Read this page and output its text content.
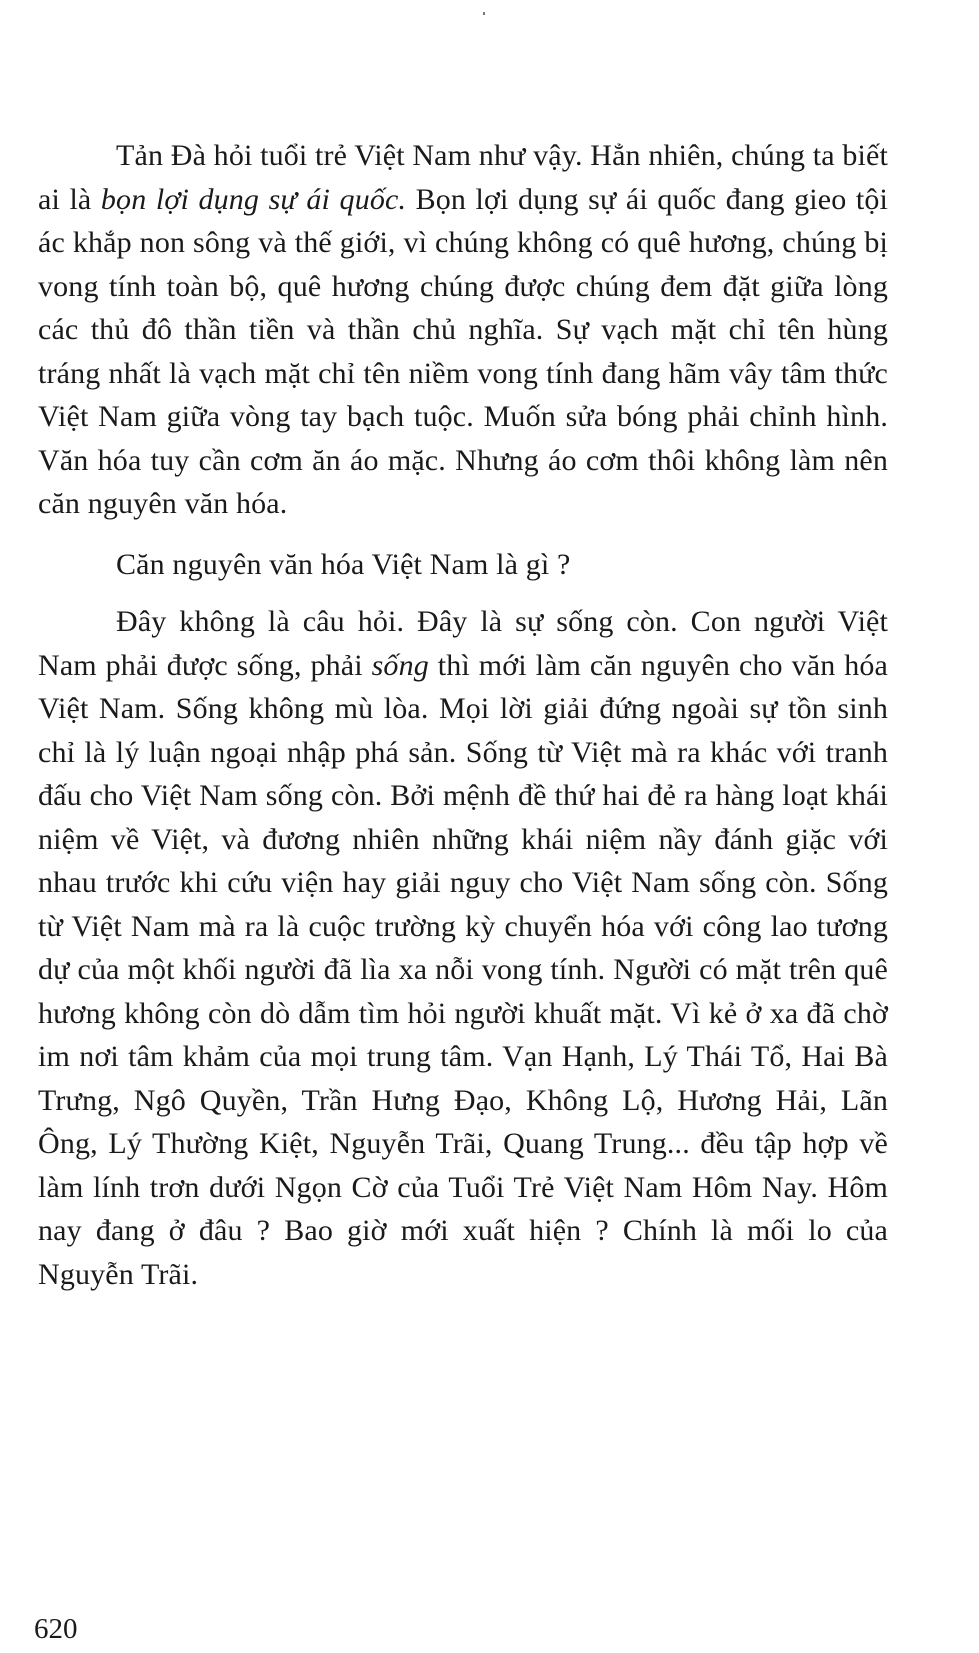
Tản Đà hỏi tuổi trẻ Việt Nam như vậy. Hẳn nhiên, chúng ta biết ai là bọn lợi dụng sự ái quốc. Bọn lợi dụng sự ái quốc đang gieo tội ác khắp non sông và thế giới, vì chúng không có quê hương, chúng bị vong tính toàn bộ, quê hương chúng được chúng đem đặt giữa lòng các thủ đô thần tiền và thần chủ nghĩa. Sự vạch mặt chỉ tên hùng tráng nhất là vạch mặt chỉ tên niềm vong tính đang hãm vây tâm thức Việt Nam giữa vòng tay bạch tuộc. Muốn sửa bóng phải chỉnh hình. Văn hóa tuy cần cơm ăn áo mặc. Nhưng áo cơm thôi không làm nên căn nguyên văn hóa.

Căn nguyên văn hóa Việt Nam là gì ?

Đây không là câu hỏi. Đây là sự sống còn. Con người Việt Nam phải được sống, phải sống thì mới làm căn nguyên cho văn hóa Việt Nam. Sống không mù lòa. Mọi lời giải đứng ngoài sự tồn sinh chỉ là lý luận ngoại nhập phá sản. Sống từ Việt mà ra khác với tranh đấu cho Việt Nam sống còn. Bởi mệnh đề thứ hai đẻ ra hàng loạt khái niệm về Việt, và đương nhiên những khái niệm nầy đánh giặc với nhau trước khi cứu viện hay giải nguy cho Việt Nam sống còn. Sống từ Việt Nam mà ra là cuộc trường kỳ chuyển hóa với công lao tương dự của một khối người đã lìa xa nỗi vong tính. Người có mặt trên quê hương không còn dò dẫm tìm hỏi người khuất mặt. Vì kẻ ở xa đã chờ im nơi tâm khảm của mọi trung tâm. Vạn Hạnh, Lý Thái Tổ, Hai Bà Trưng, Ngô Quyền, Trần Hưng Đạo, Không Lộ, Hương Hải, Lãn Ông, Lý Thường Kiệt, Nguyễn Trãi, Quang Trung... đều tập hợp về làm lính trơn dưới Ngọn Cờ của Tuổi Trẻ Việt Nam Hôm Nay. Hôm nay đang ở đâu ? Bao giờ mới xuất hiện ? Chính là mối lo của Nguyễn Trãi.

620
